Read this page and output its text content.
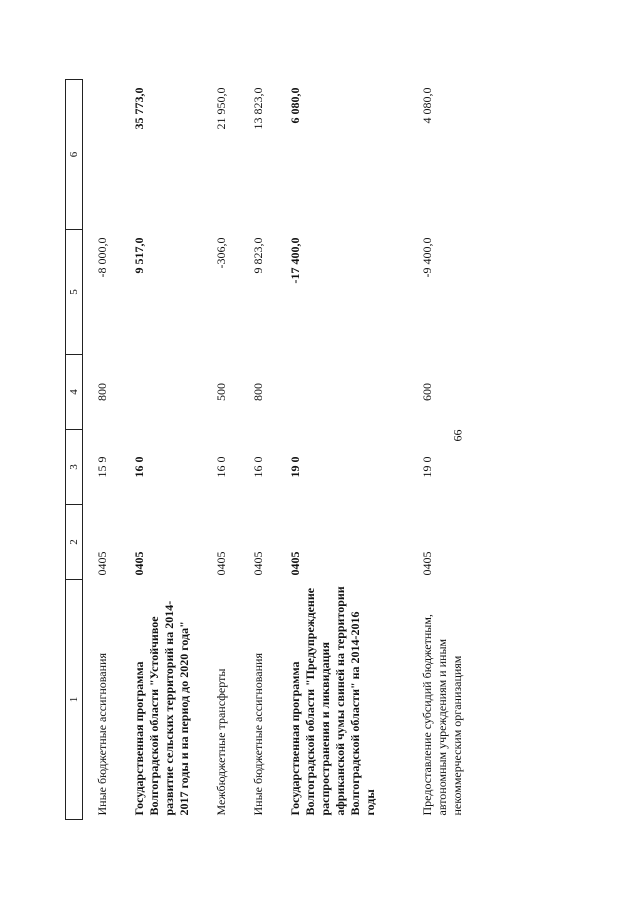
66
1	2	3	4	5	6
Иные бюджетные ассигнования	0405	15 9	800	-8 000,0	
Государственная программа Волгоградской области "Устойчивое развитие сельских территорий на 2014-2017 годы и на период до 2020 года"	0405	16 0		9 517,0	35 773,0
Межбюджетные трансферты	0405	16 0	500	-306,0	21 950,0
Иные бюджетные ассигнования	0405	16 0	800	9 823,0	13 823,0
Государственная программа Волгоградской области "Предупреждение распространения и ликвидация африканской чумы свиней на территории Волгоградской области" на 2014-2016 годы	0405	19 0		-17 400,0	6 080,0
Предоставление субсидий бюджетным, автономным учреждениям и иным некоммерческим организациям	0405	19 0	600	-9 400,0	4 080,0
